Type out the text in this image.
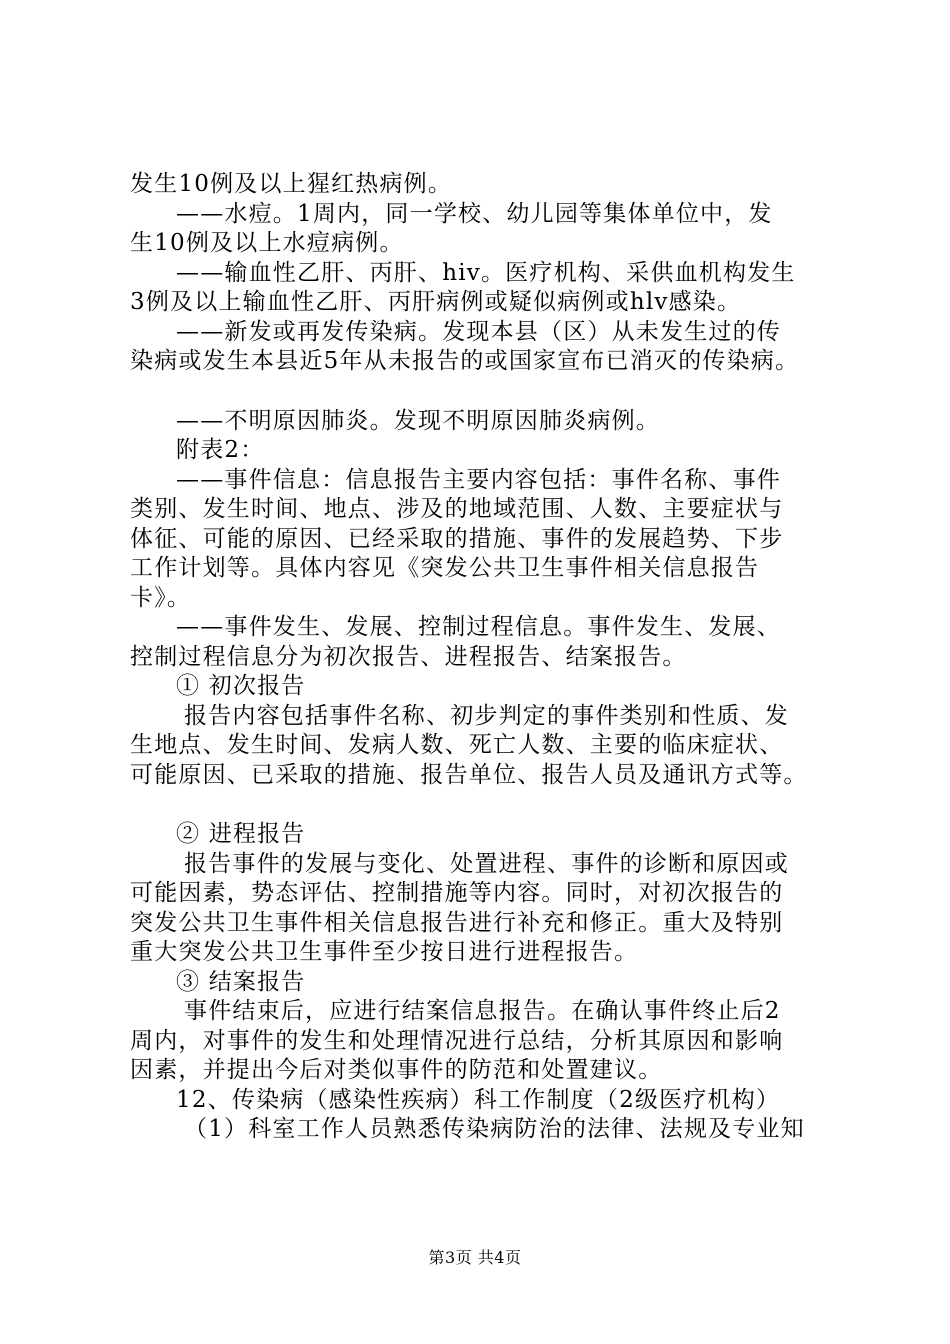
发生10例及以上猩红热病例。
——水痘。1周内，同一学校、幼儿园等集体单位中，发
生10例及以上水痘病例。
——输血性乙肝、丙肝、hiv。医疗机构、采供血机构发生
3例及以上输血性乙肝、丙肝病例或疑似病例或hlv感染。
——新发或再发传染病。发现本县（区）从未发生过的传
染病或发生本县近5年从未报告的或国家宣布已消灭的传染病。
——不明原因肺炎。发现不明原因肺炎病例。
附表2：
——事件信息：信息报告主要内容包括：事件名称、事件
类别、发生时间、地点、涉及的地域范围、人数、主要症状与
体征、可能的原因、已经采取的措施、事件的发展趋势、下步
工作计划等。具体内容见《突发公共卫生事件相关信息报告
卡》。
——事件发生、发展、控制过程信息。事件发生、发展、
控制过程信息分为初次报告、进程报告、结案报告。
① 初次报告
报告内容包括事件名称、初步判定的事件类别和性质、发
生地点、发生时间、发病人数、死亡人数、主要的临床症状、
可能原因、已采取的措施、报告单位、报告人员及通讯方式等。
② 进程报告
报告事件的发展与变化、处置进程、事件的诊断和原因或
可能因素，势态评估、控制措施等内容。同时，对初次报告的
突发公共卫生事件相关信息报告进行补充和修正。重大及特别
重大突发公共卫生事件至少按日进行进程报告。
③ 结案报告
事件结束后，应进行结案信息报告。在确认事件终止后2
周内，对事件的发生和处理情况进行总结，分析其原因和影响
因素，并提出今后对类似事件的防范和处置建议。
12、传染病（感染性疾病）科工作制度（2级医疗机构）
（1）科室工作人员熟悉传染病防治的法律、法规及专业知
第3页 共4页
